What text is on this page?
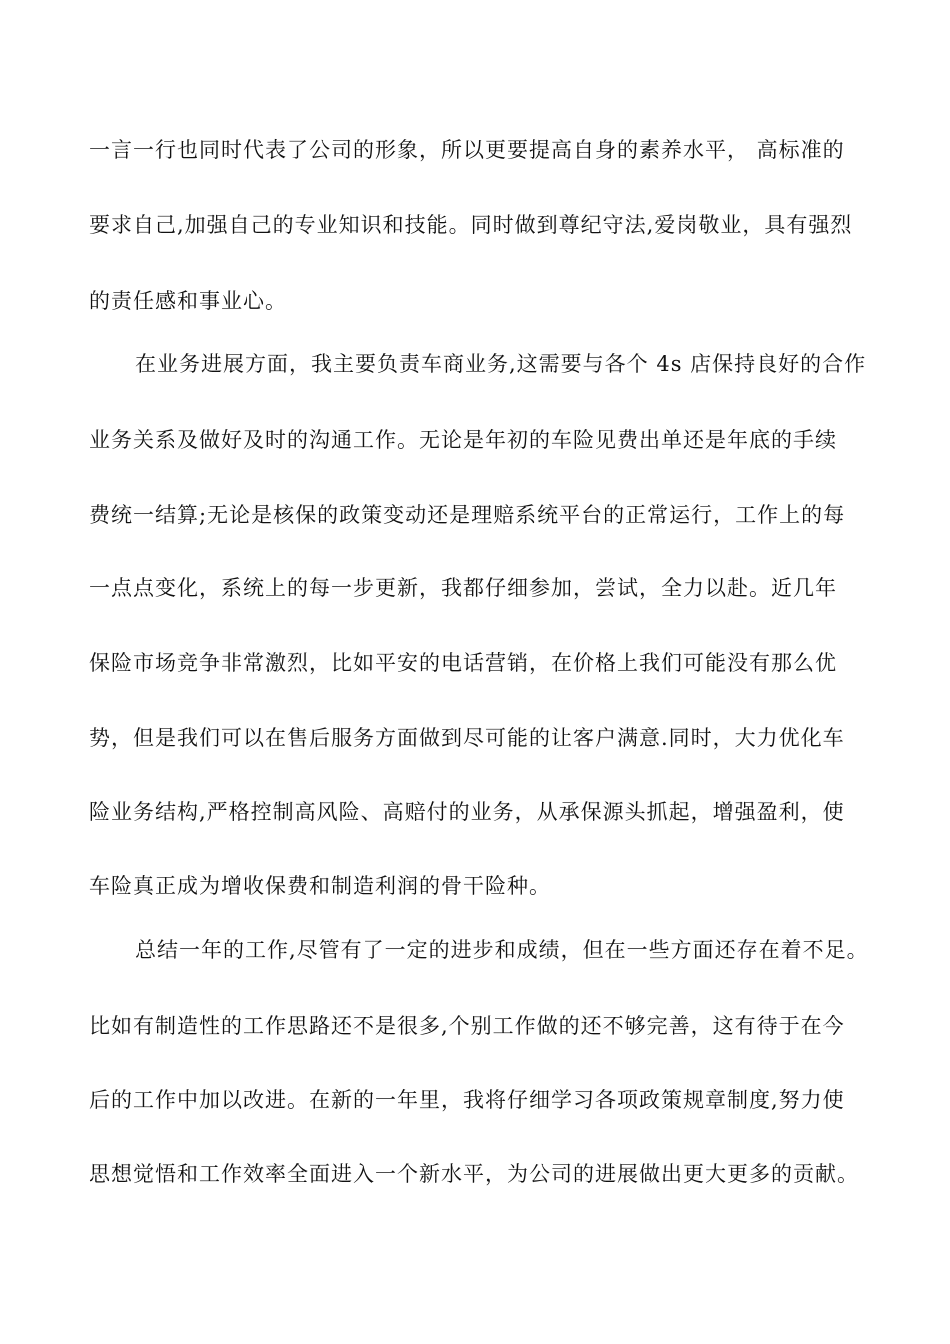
一言一行也同时代表了公司的形象，所以更要提高自身的素养水平， 高标准的
要求自己,加强自己的专业知识和技能。同时做到尊纪守法,爱岗敬业，具有强烈
的责任感和事业心。
在业务进展方面，我主要负责车商业务,这需要与各个 4s 店保持良好的合作
业务关系及做好及时的沟通工作。无论是年初的车险见费出单还是年底的手续
费统一结算;无论是核保的政策变动还是理赔系统平台的正常运行，工作上的每
一点点变化，系统上的每一步更新，我都仔细参加，尝试，全力以赴。近几年
保险市场竞争非常激烈，比如平安的电话营销，在价格上我们可能没有那么优
势，但是我们可以在售后服务方面做到尽可能的让客户满意.同时，大力优化车
险业务结构,严格控制高风险、高赔付的业务，从承保源头抓起，增强盈利，使
车险真正成为增收保费和制造利润的骨干险种。
总结一年的工作,尽管有了一定的进步和成绩，但在一些方面还存在着不足。
比如有制造性的工作思路还不是很多,个别工作做的还不够完善，这有待于在今
后的工作中加以改进。在新的一年里，我将仔细学习各项政策规章制度,努力使
思想觉悟和工作效率全面进入一个新水平，为公司的进展做出更大更多的贡献。
